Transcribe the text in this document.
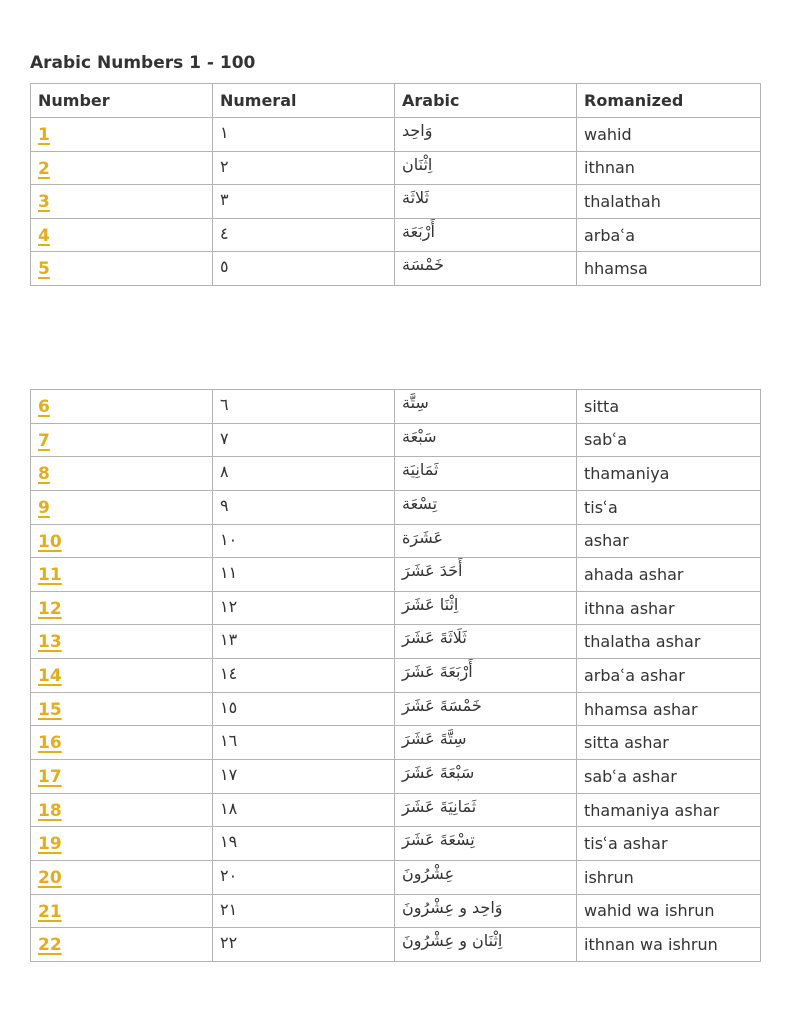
Arabic Numbers 1 - 100
Number	Numeral	Arabic	Romanized
1	١	وَاحِد	wahid
2	٢	اِثْنَان	ithnan
3	٣	ثَلاثَة	thalathah
4	٤	أَرْبَعَة	arbaʿa
5	٥	خَمْسَة	hhamsa
6	٦	سِتَّة	sitta
7	٧	سَبْعَة	sabʿa
8	٨	ثَمَانِيَة	thamaniya
9	٩	تِسْعَة	tisʿa
10	١٠	عَشَرَة	ashar
11	١١	أَحَدَ عَشَرَ	ahada ashar
12	١٢	اِثْنَا عَشَرَ	ithna ashar
13	١٣	ثَلَاثَةَ عَشَرَ	thalatha ashar
14	١٤	أَرْبَعَةَ عَشَرَ	arbaʿa ashar
15	١٥	خَمْسَةَ عَشَرَ	hhamsa ashar
16	١٦	سِتَّةَ عَشَرَ	sitta ashar
17	١٧	سَبْعَةَ عَشَرَ	sabʿa ashar
18	١٨	ثَمَانِيَةَ عَشَرَ	thamaniya ashar
19	١٩	تِسْعَةَ عَشَرَ	tisʿa ashar
20	٢٠	عِشْرُونَ	ishrun
21	٢١	وَاحِد و عِشْرُونَ	wahid wa ishrun
22	٢٢	اِثْنَان و عِشْرُونَ	ithnan wa ishrun
